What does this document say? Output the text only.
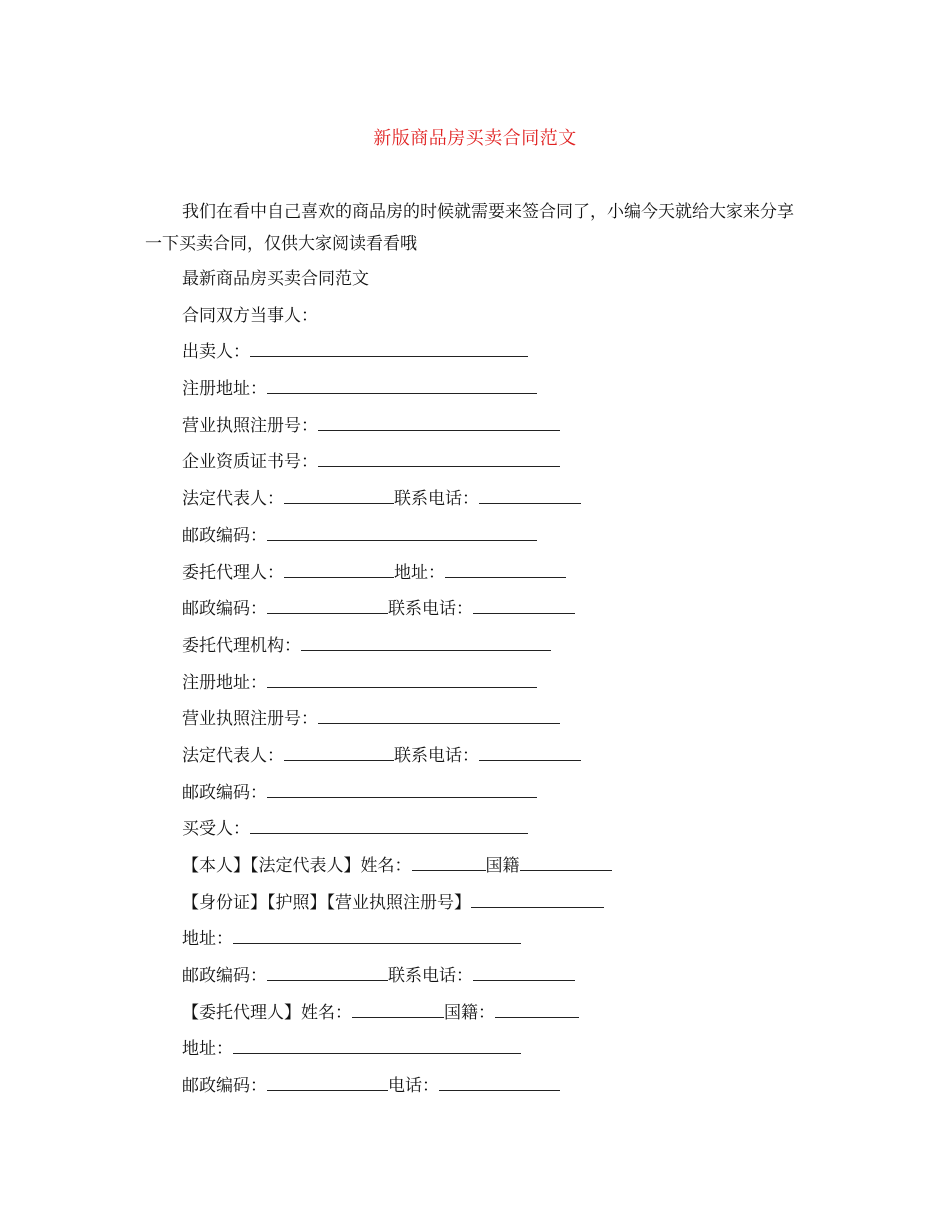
新版商品房买卖合同范文
我们在看中自己喜欢的商品房的时候就需要来签合同了，小编今天就给大家来分享一下买卖合同，仅供大家阅读看看哦
最新商品房买卖合同范文
合同双方当事人：
出卖人：
注册地址：
营业执照注册号：
企业资质证书号：
法定代表人：	联系电话：
邮政编码：
委托代理人：	地址：
邮政编码：	联系电话：
委托代理机构：
注册地址：
营业执照注册号：
法定代表人：	联系电话：
邮政编码：
买受人：
【本人】【法定代表人】姓名：	国籍
【身份证】【护照】【营业执照注册号】
地址：
邮政编码：	联系电话：
【委托代理人】姓名：	国籍：
地址：
邮政编码：	电话：
